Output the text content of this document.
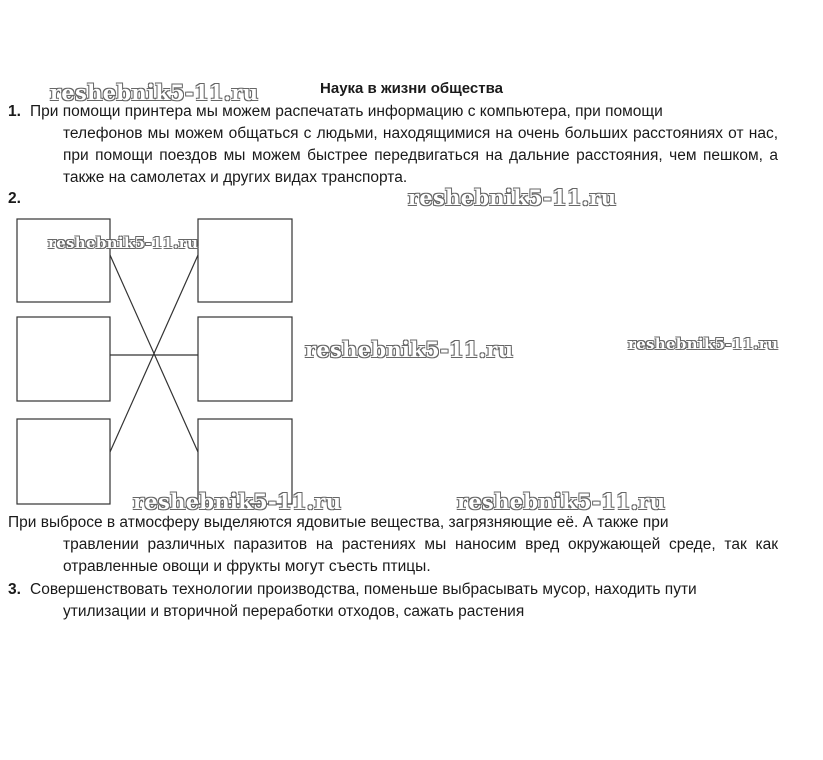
reshebnik5-11.ru	Наука в жизни общества
1. При помощи принтера мы можем распечатать информацию с компьютера, при помощи
телефонов мы можем общаться с людьми, находящимися на очень больших расстояниях от нас, при помощи поездов мы можем быстрее передвигаться на дальние расстояния, чем пешком, а также на самолетах и других видах транспорта.
reshebnik5-11.ru
2.
reshebnik5-11.ru
reshebnik5-11.ru	reshebnik5-11.ru
reshebnik5-11.ru	reshebnik5-11.ru
При выбросе в атмосферу выделяются ядовитые вещества, загрязняющие её. А также при
травлении различных паразитов на растениях мы наносим вред окружающей среде, так как отравленные овощи и фрукты могут съесть птицы.
3. Совершенствовать технологии производства, поменьше выбрасывать мусор, находить пути
утилизации и вторичной переработки отходов, сажать растения
